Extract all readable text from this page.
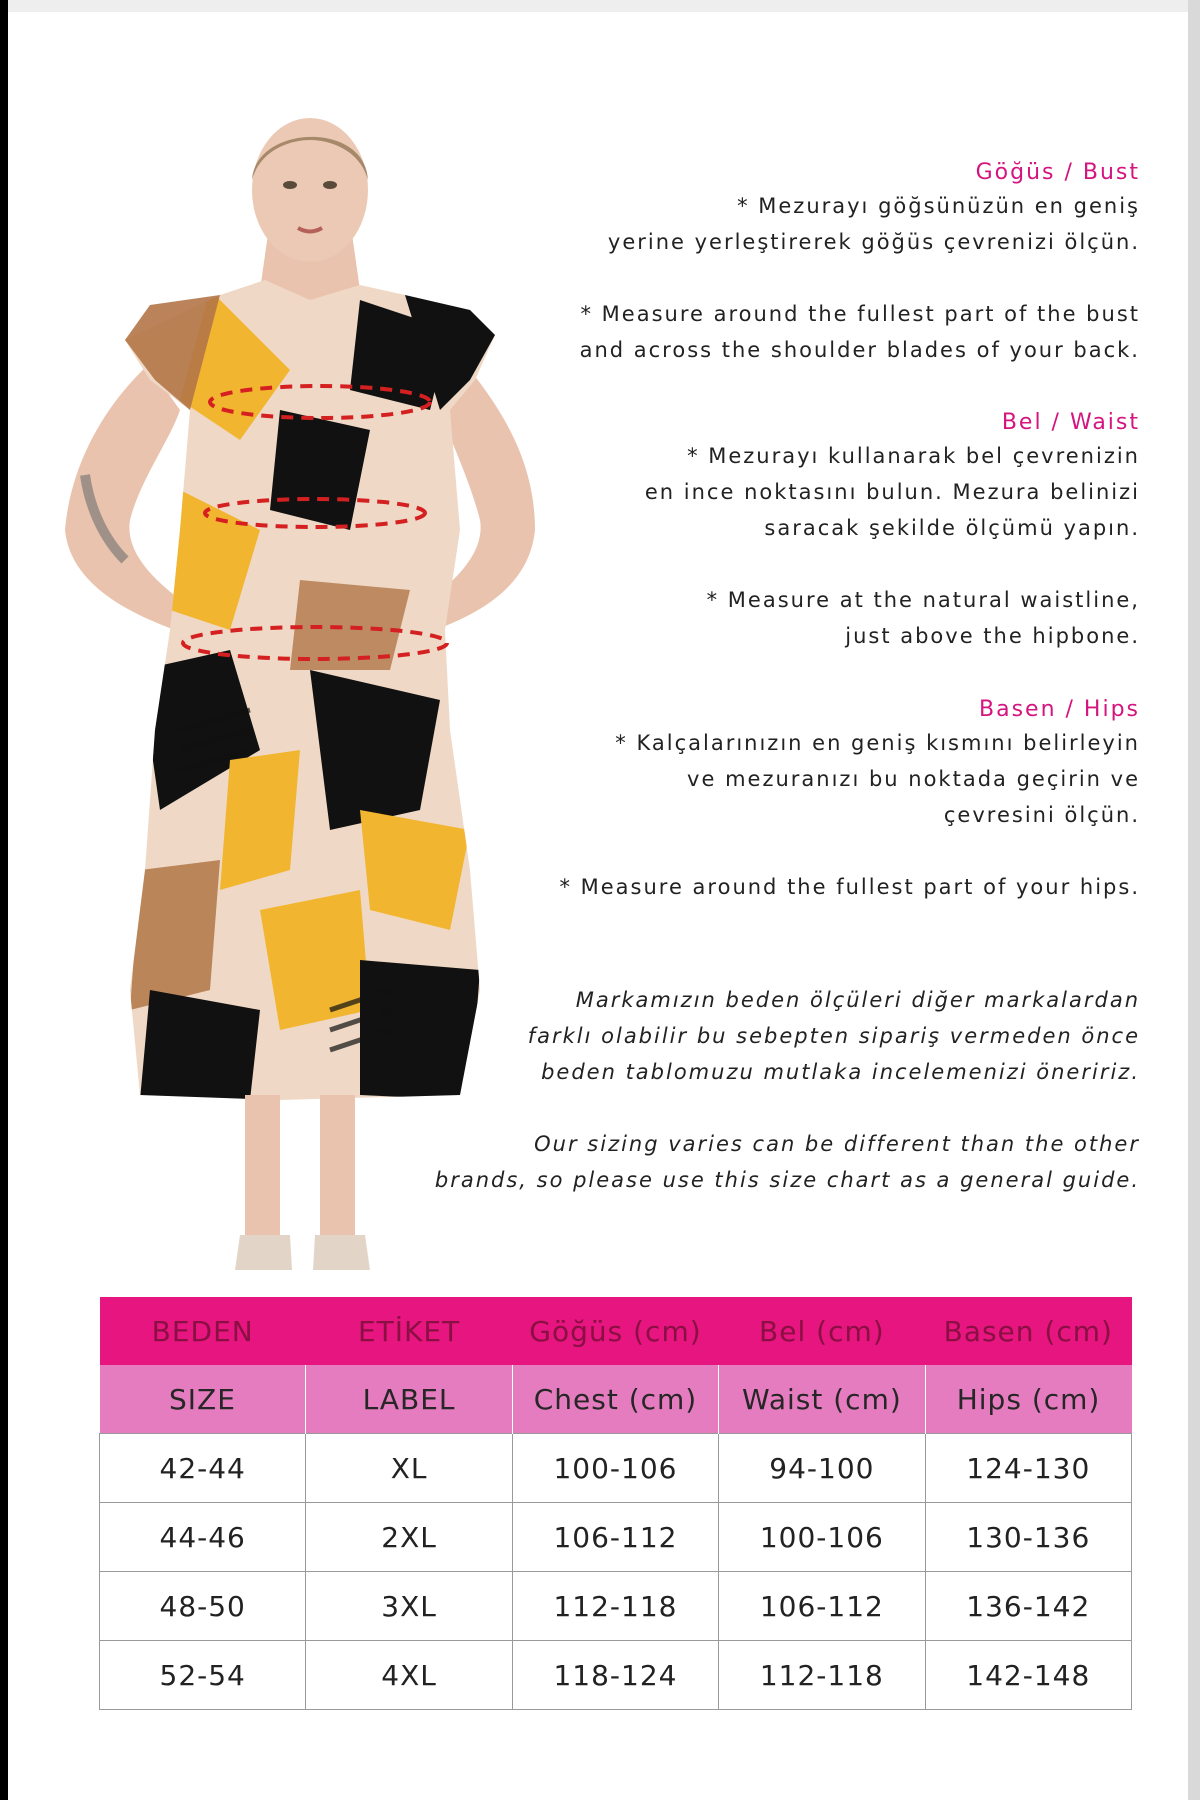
Göğüs / Bust

* Mezurayı göğsünüzün en geniş

yerine yerleştirerek göğüs çevrenizi ölçün.

* Measure around the fullest part of the bust

and across the shoulder blades of your back.

Bel / Waist

* Mezurayı kullanarak bel çevrenizin

en ince noktasını bulun. Mezura belinizi

saracak şekilde ölçümü yapın.

* Measure at the natural waistline,

just above the hipbone.

Basen / Hips

* Kalçalarınızın en geniş kısmını belirleyin

ve mezuranızı bu noktada geçirin ve

çevresini ölçün.

* Measure around the fullest part of your hips.

Markamızın beden ölçüleri diğer markalardan

farklı olabilir bu sebepten sipariş vermeden önce

beden tablomuzu mutlaka incelemenizi öneririz.

Our sizing varies can be different than the other

brands, so please use this size chart as a general guide.

BEDEN	ETİKET	Göğüs (cm)	Bel (cm)	Basen (cm)
SIZE	LABEL	Chest (cm)	Waist (cm)	Hips (cm)
42-44	XL	100-106	94-100	124-130
44-46	2XL	106-112	100-106	130-136
48-50	3XL	112-118	106-112	136-142
52-54	4XL	118-124	112-118	142-148
